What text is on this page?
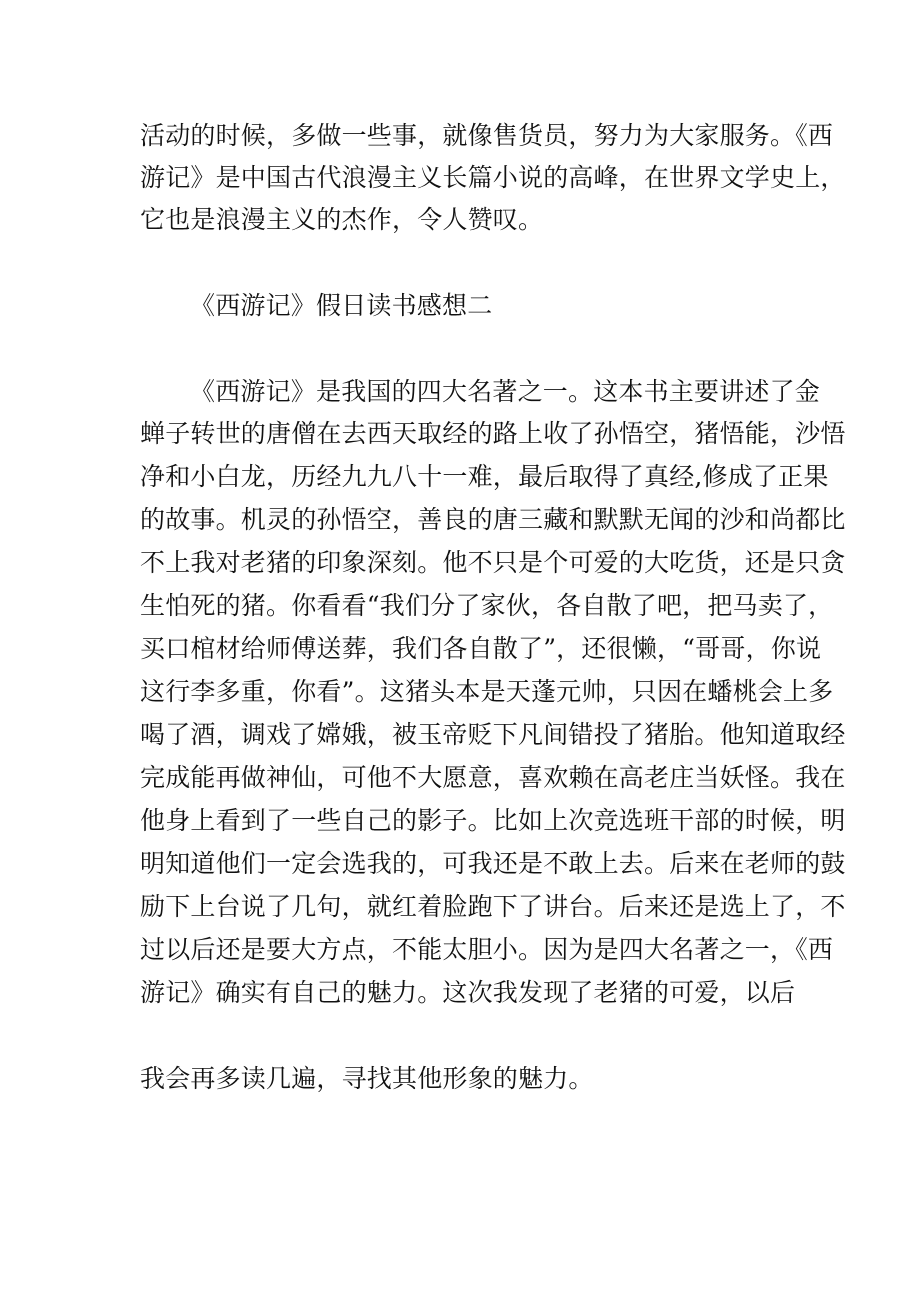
活动的时候，多做一些事，就像售货员，努力为大家服务。《西
游记》是中国古代浪漫主义长篇小说的高峰，在世界文学史上，
它也是浪漫主义的杰作，令人赞叹。
《西游记》假日读书感想二
《西游记》是我国的四大名著之一。这本书主要讲述了金
蝉子转世的唐僧在去西天取经的路上收了孙悟空，猪悟能，沙悟
净和小白龙，历经九九八十一难，最后取得了真经,修成了正果
的故事。机灵的孙悟空，善良的唐三藏和默默无闻的沙和尚都比
不上我对老猪的印象深刻。他不只是个可爱的大吃货，还是只贪
生怕死的猪。你看看“我们分了家伙，各自散了吧，把马卖了，
买口棺材给师傅送葬，我们各自散了”，还很懒，“哥哥，你说
这行李多重，你看”。这猪头本是天蓬元帅，只因在蟠桃会上多
喝了酒，调戏了嫦娥，被玉帝贬下凡间错投了猪胎。他知道取经
完成能再做神仙，可他不大愿意，喜欢赖在高老庄当妖怪。我在
他身上看到了一些自己的影子。比如上次竞选班干部的时候，明
明知道他们一定会选我的，可我还是不敢上去。后来在老师的鼓
励下上台说了几句，就红着脸跑下了讲台。后来还是选上了，不
过以后还是要大方点，不能太胆小。因为是四大名著之一，《西
游记》确实有自己的魅力。这次我发现了老猪的可爱，以后
我会再多读几遍，寻找其他形象的魅力。
